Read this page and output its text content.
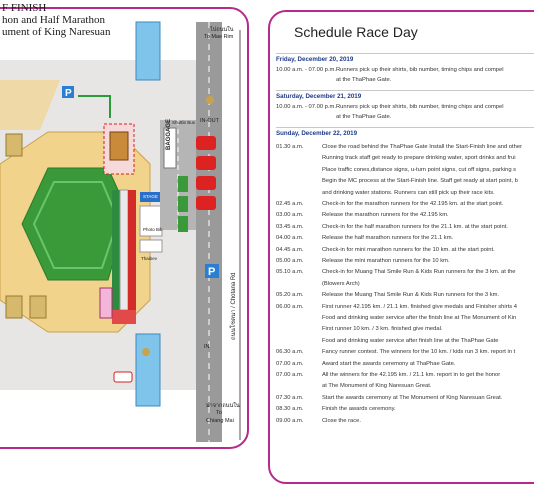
P
P
F FINISH
hon and Half Marathon
ument of King Naresuan	ไปถนนใน
To Mae Rim
IN-OUT
Shuttle Bus
BAGGAGE
STAGE
Photo Bib
Thaibev
IN
ถนนโชตนา / Chotana Rd
มาจากถนนใน
To
Chiang Mai
Schedule Race Day
Friday, December 20, 2019
10.00 a.m. - 07.00 p.m. Runners pick up their shirts, bib number, timing chips and compel
at the ThaPhae Gate.
Saturday, December 21, 2019
10.00 a.m. - 07.00 p.m. Runners pick up their shirts, bib number, timing chips and compel
at the ThaPhae Gate.
Sunday, December 22, 2019
01.30 a.m.	Close the road behind the ThaPhae Gate Install the Start-Finish line and other
Running track staff get ready to prepare drinking water, sport drinks and frui
Place traffic cones,distance signs, u-turn point signs, cut off signs, parking s
Begin the MC process at the Start-Finish line. Staff get ready at start point, b
and drinking water stations. Runners can still pick up their race kits.
02.45 a.m.	Check-in for the marathon runners for the 42.195 km. at the start point.
03.00 a.m.	Release the marathon runners for the 42.195 km.
03.45 a.m.	Check-in for the half marathon runners for the 21.1 km. at the start point.
04.00 a.m.	Release the half marathon runners for the 21.1 km.
04.45 a.m.	Check-in for mini marathon runners for the 10 km. at the start point.
05.00 a.m.	Release the mini marathon runners for the 10 km.
05.10 a.m.	Check-in for Muang Thai Smile Run & Kids Run runners for the 3 km. at the
(Blowers Arch)
05.20 a.m.	Release the Muang Thai Smile Run & Kids Run runners for the 3 km.
06.00 a.m.	First runner 42.195 km. / 21.1 km. finished give medals and Finisher shirts 4
Food and drinking water service after the finish line at The Monument of Kin
First runner 10 km. / 3 km. finished give medal.
Food and drinking water service after finish line at the ThaPhae Gate
06.30 a.m.	Fancy runner contest. The winners for the 10 km. / kids run 3 km. report in t
07.00 a.m.	Award start the awards ceremony at ThaPhae Gate.
07.00 a.m.	All the winners for the 42.195 km. / 21.1 km. report in to get the honor
at The Monument of King Naresuan Great.
07.30 a.m.	Start the awards ceremony at The Monument of King Naresuan Great.
08.30 a.m.	Finish the awards ceremony.
09.00 a.m.	Close the race.
